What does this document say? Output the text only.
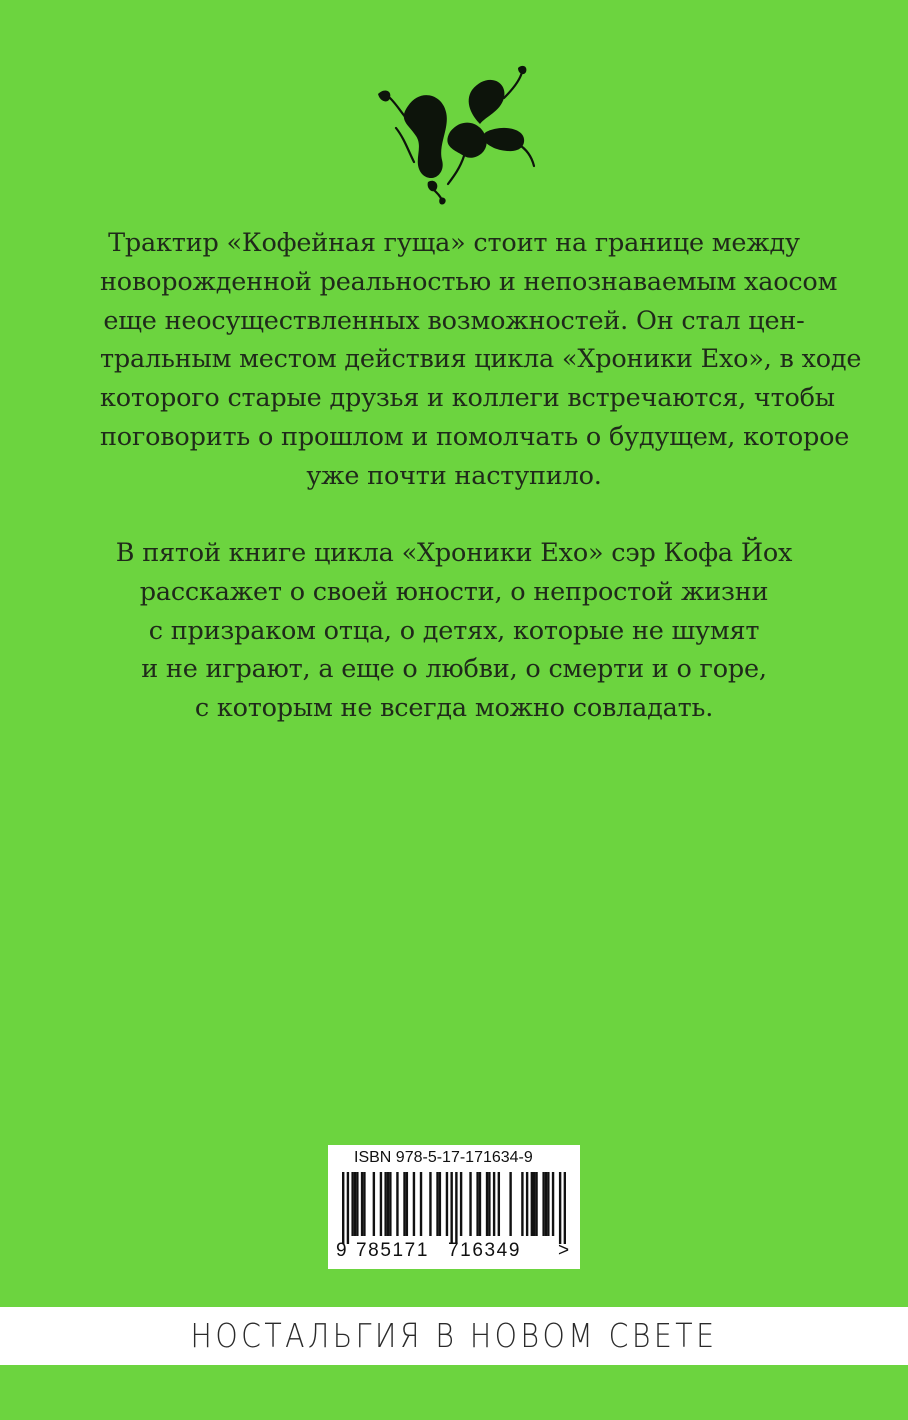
Трактир «Кофейная гуща» стоит на границе между
новорожденной реальностью и непознаваемым хаосом
еще неосуществленных возможностей. Он стал цен-
тральным местом действия цикла «Хроники Ехо», в ходе
которого старые друзья и коллеги встречаются, чтобы
поговорить о прошлом и помолчать о будущем, которое
уже почти наступило.
В пятой книге цикла «Хроники Ехо» сэр Кофа Йох
расскажет о своей юности, о непростой жизни
с призраком отца, о детях, которые не шумят
и не играют, а еще о любви, о смерти и о горе,
с которым не всегда можно совладать.
ISBN 978-5-17-171634-9
9 785171 716349 >
НОСТАЛЬГИЯ В НОВОМ СВЕТЕ
